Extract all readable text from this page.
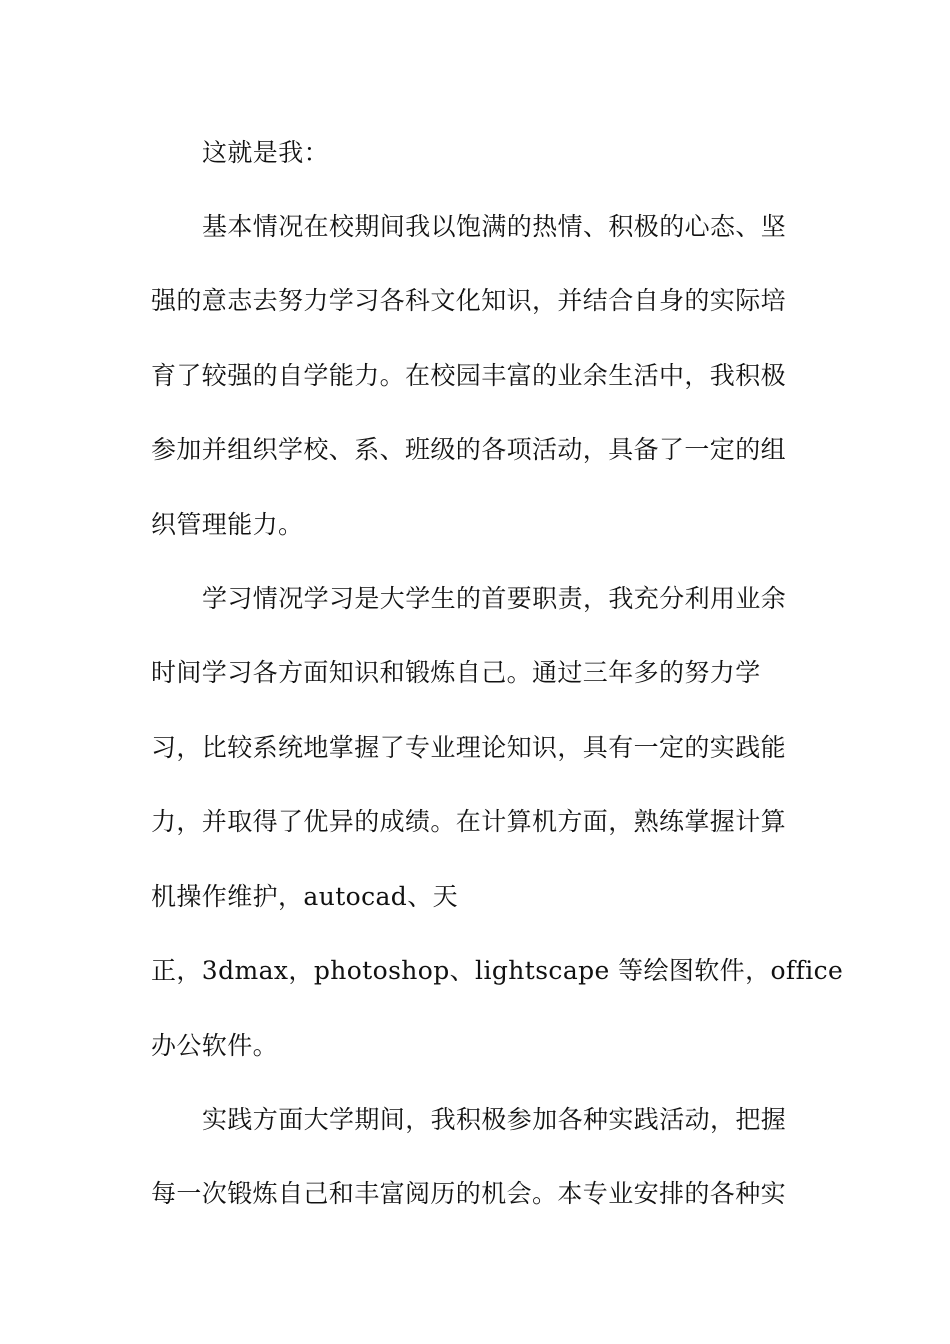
这就是我：
基本情况在校期间我以饱满的热情、积极的心态、坚
强的意志去努力学习各科文化知识，并结合自身的实际培
育了较强的自学能力。在校园丰富的业余生活中，我积极
参加并组织学校、系、班级的各项活动，具备了一定的组
织管理能力。
学习情况学习是大学生的首要职责，我充分利用业余
时间学习各方面知识和锻炼自己。通过三年多的努力学
习，比较系统地掌握了专业理论知识，具有一定的实践能
力，并取得了优异的成绩。在计算机方面，熟练掌握计算
机操作维护，autocad、天
正，3dmax，photoshop、lightscape 等绘图软件，office
办公软件。
实践方面大学期间，我积极参加各种实践活动，把握
每一次锻炼自己和丰富阅历的机会。本专业安排的各种实
